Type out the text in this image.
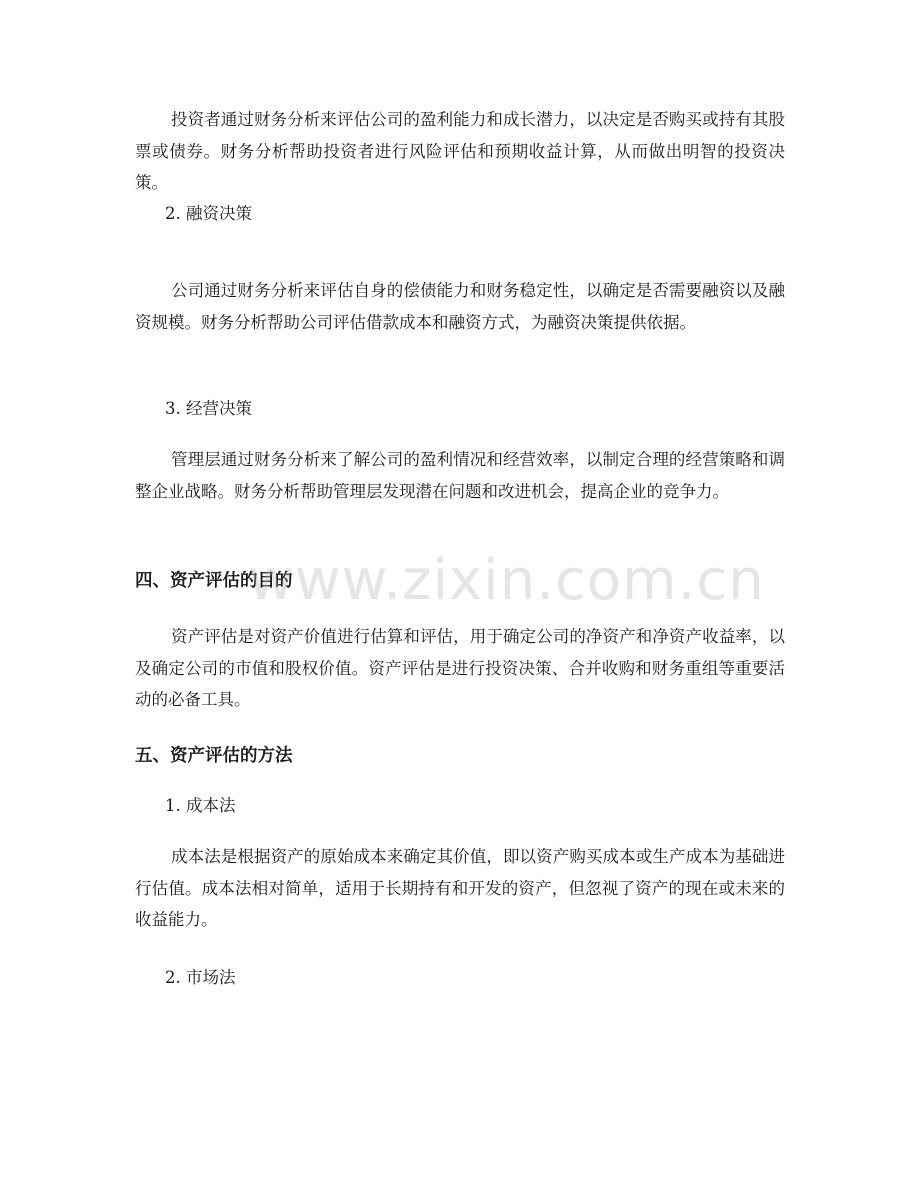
投资者通过财务分析来评估公司的盈利能力和成长潜力，以决定是否购买或持有其股票或债券。财务分析帮助投资者进行风险评估和预期收益计算，从而做出明智的投资决策。

2. 融资决策

公司通过财务分析来评估自身的偿债能力和财务稳定性，以确定是否需要融资以及融资规模。财务分析帮助公司评估借款成本和融资方式，为融资决策提供依据。

3. 经营决策

管理层通过财务分析来了解公司的盈利情况和经营效率，以制定合理的经营策略和调整企业战略。财务分析帮助管理层发现潜在问题和改进机会，提高企业的竞争力。

四、资产评估的目的

资产评估是对资产价值进行估算和评估，用于确定公司的净资产和净资产收益率，以及确定公司的市值和股权价值。资产评估是进行投资决策、合并收购和财务重组等重要活动的必备工具。

五、资产评估的方法

1. 成本法

成本法是根据资产的原始成本来确定其价值，即以资产购买成本或生产成本为基础进行估值。成本法相对简单，适用于长期持有和开发的资产，但忽视了资产的现在或未来的收益能力。

2. 市场法

www.zixin.com.cn
